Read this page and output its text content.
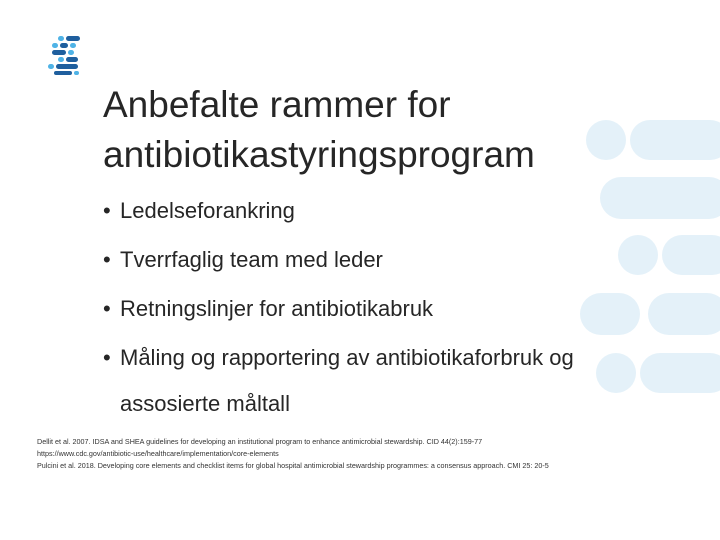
Anbefalte rammer for
antibiotikastyringsprogram
• Ledelseforankring
• Tverrfaglig team med leder
• Retningslinjer for antibiotikabruk
• Måling og rapportering av antibiotikaforbruk og
assosierte måltall
Dellit et al. 2007. IDSA and SHEA guidelines for developing an institutional program to enhance antimicrobial stewardship. CID 44(2):159-77
https://www.cdc.gov/antibiotic-use/healthcare/implementation/core-elements
Pulcini et al. 2018. Developing core elements and checklist items for global hospital antimicrobial stewardship programmes: a consensus approach. CMI 25: 20-5
